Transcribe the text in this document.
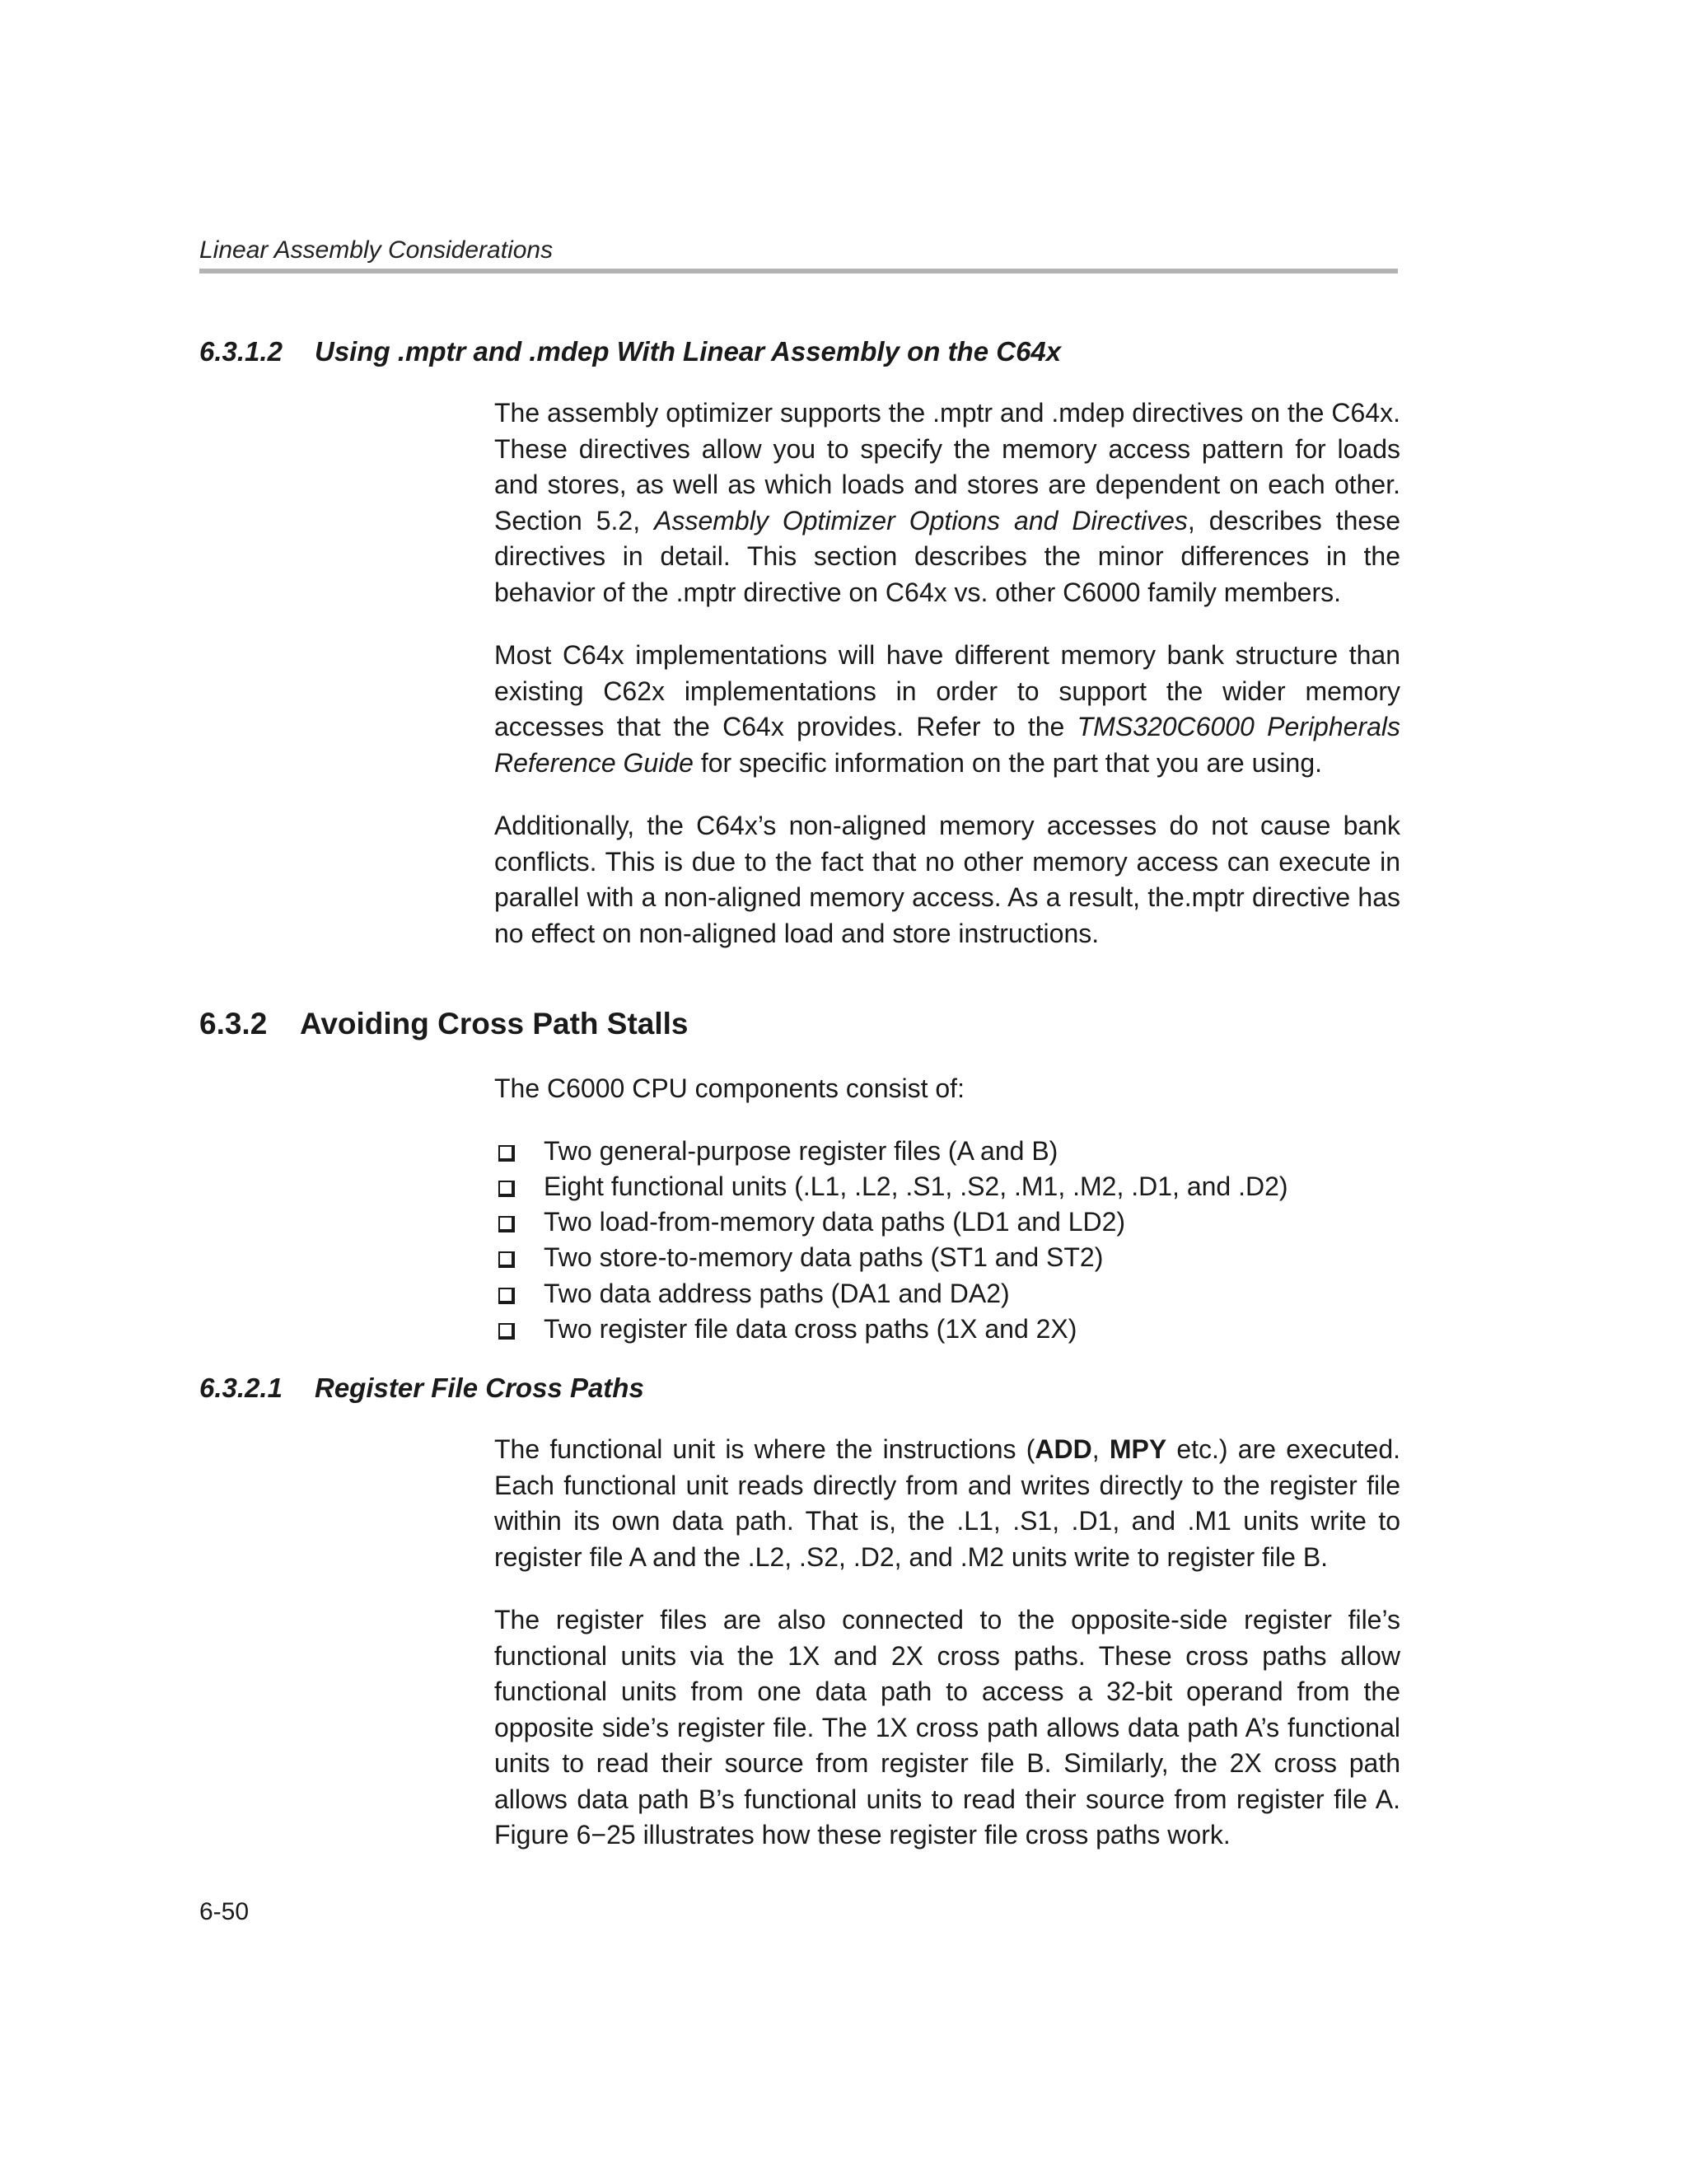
Linear Assembly Considerations
6.3.1.2 Using .mptr and .mdep With Linear Assembly on the C64x

The assembly optimizer supports the .mptr and .mdep directives on the C64x. These directives allow you to specify the memory access pattern for loads and stores, as well as which loads and stores are dependent on each other. Section 5.2, Assembly Optimizer Options and Directives, describes these directives in detail. This section describes the minor differences in the behavior of the .mptr directive on C64x vs. other C6000 family members.

Most C64x implementations will have different memory bank structure than existing C62x implementations in order to support the wider memory accesses that the C64x provides. Refer to the TMS320C6000 Peripherals Reference Guide for specific information on the part that you are using.

Additionally, the C64x’s non-aligned memory accesses do not cause bank conflicts. This is due to the fact that no other memory access can execute in parallel with a non-aligned memory access. As a result, the.mptr directive has no effect on non-aligned load and store instructions.

6.3.2 Avoiding Cross Path Stalls

The C6000 CPU components consist of:

Two general-purpose register files (A and B)
Eight functional units (.L1, .L2, .S1, .S2, .M1, .M2, .D1, and .D2)
Two load-from-memory data paths (LD1 and LD2)
Two store-to-memory data paths (ST1 and ST2)
Two data address paths (DA1 and DA2)
Two register file data cross paths (1X and 2X)
6.3.2.1 Register File Cross Paths

The functional unit is where the instructions (ADD, MPY etc.) are executed. Each functional unit reads directly from and writes directly to the register file within its own data path. That is, the .L1, .S1, .D1, and .M1 units write to register file A and the .L2, .S2, .D2, and .M2 units write to register file B.

The register files are also connected to the opposite-side register file’s functional units via the 1X and 2X cross paths. These cross paths allow functional units from one data path to access a 32-bit operand from the opposite side’s register file. The 1X cross path allows data path A’s functional units to read their source from register file B. Similarly, the 2X cross path allows data path B’s functional units to read their source from register file A. Figure 6−25 illustrates how these register file cross paths work.

6-50
